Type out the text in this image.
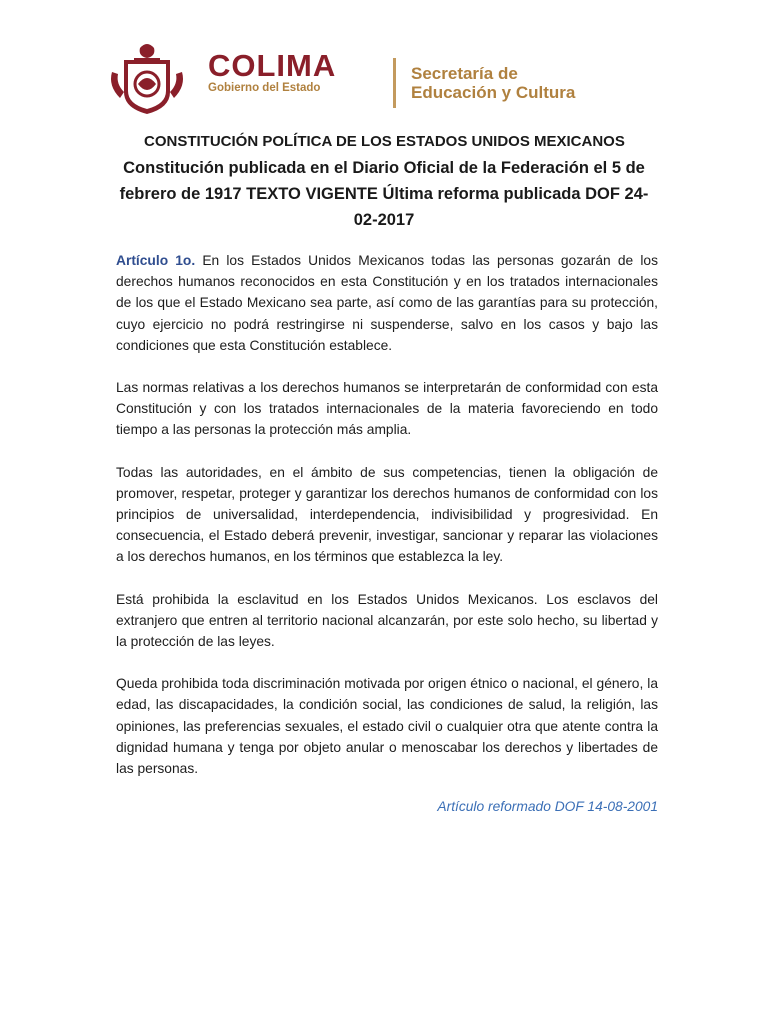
COLIMA
Gobierno del Estado
Secretaría de
Educación y Cultura
CONSTITUCIÓN POLÍTICA DE LOS ESTADOS UNIDOS MEXICANOS
Constitución publicada en el Diario Oficial de la Federación el 5 de febrero de 1917 TEXTO VIGENTE Última reforma publicada DOF 24-02-2017

Artículo 1o. En los Estados Unidos Mexicanos todas las personas gozarán de los derechos humanos reconocidos en esta Constitución y en los tratados internacionales de los que el Estado Mexicano sea parte, así como de las garantías para su protección, cuyo ejercicio no podrá restringirse ni suspenderse, salvo en los casos y bajo las condiciones que esta Constitución establece.

Las normas relativas a los derechos humanos se interpretarán de conformidad con esta Constitución y con los tratados internacionales de la materia favoreciendo en todo tiempo a las personas la protección más amplia.

Todas las autoridades, en el ámbito de sus competencias, tienen la obligación de promover, respetar, proteger y garantizar los derechos humanos de conformidad con los principios de universalidad, interdependencia, indivisibilidad y progresividad. En consecuencia, el Estado deberá prevenir, investigar, sancionar y reparar las violaciones a los derechos humanos, en los términos que establezca la ley.

Está prohibida la esclavitud en los Estados Unidos Mexicanos. Los esclavos del extranjero que entren al territorio nacional alcanzarán, por este solo hecho, su libertad y la protección de las leyes.

Queda prohibida toda discriminación motivada por origen étnico o nacional, el género, la edad, las discapacidades, la condición social, las condiciones de salud, la religión, las opiniones, las preferencias sexuales, el estado civil o cualquier otra que atente contra la dignidad humana y tenga por objeto anular o menoscabar los derechos y libertades de las personas.

Artículo reformado DOF 14-08-2001
